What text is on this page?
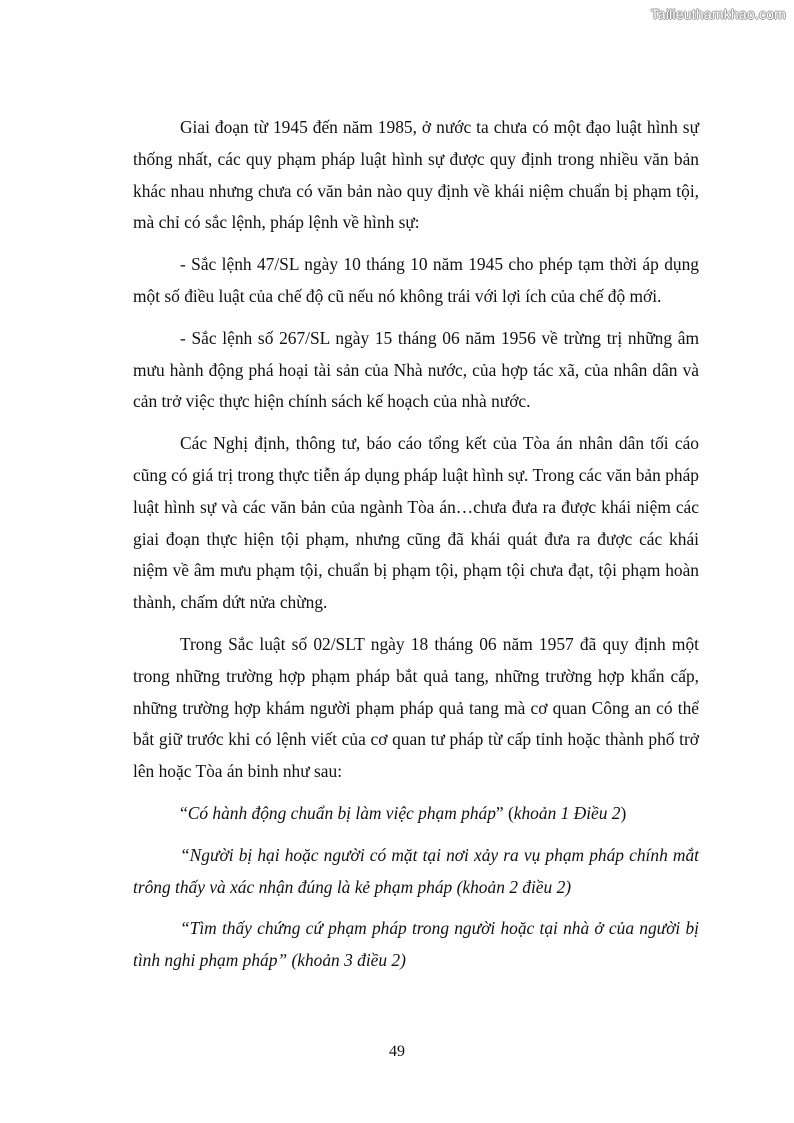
Tailieuthamkhao.com

Giai đoạn từ 1945 đến năm 1985, ở nước ta chưa có một đạo luật hình sự thống nhất, các quy phạm pháp luật hình sự được quy định trong nhiều văn bản khác nhau nhưng chưa có văn bản nào quy định về khái niệm chuẩn bị phạm tội, mà chỉ có sắc lệnh, pháp lệnh về hình sự:

- Sắc lệnh 47/SL ngày 10 tháng 10 năm 1945 cho phép tạm thời áp dụng một số điều luật của chế độ cũ nếu nó không trái với lợi ích của chế độ mới.

- Sắc lệnh số 267/SL ngày 15 tháng 06 năm 1956 về trừng trị những âm mưu hành động phá hoại tài sản của Nhà nước, của hợp tác xã, của nhân dân và cản trở việc thực hiện chính sách kế hoạch của nhà nước.

Các Nghị định, thông tư, báo cáo tổng kết của Tòa án nhân dân tối cáo cũng có giá trị trong thực tiễn áp dụng pháp luật hình sự. Trong các văn bản pháp luật hình sự và các văn bản của ngành Tòa án…chưa đưa ra được khái niệm các giai đoạn thực hiện tội phạm, nhưng cũng đã khái quát đưa ra được các khái niệm về âm mưu phạm tội, chuẩn bị phạm tội, phạm tội chưa đạt, tội phạm hoàn thành, chấm dứt nửa chừng.

Trong Sắc luật số 02/SLT ngày 18 tháng 06 năm 1957 đã quy định một trong những trường hợp phạm pháp bắt quả tang, những trường hợp khẩn cấp, những trường hợp khám người phạm pháp quả tang mà cơ quan Công an có thể bắt giữ trước khi có lệnh viết của cơ quan tư pháp từ cấp tỉnh hoặc thành phố trở lên hoặc Tòa án binh như sau:

“Có hành động chuẩn bị làm việc phạm pháp” (khoản 1 Điều 2)

“Người bị hại hoặc người có mặt tại nơi xảy ra vụ phạm pháp chính mắt trông thấy và xác nhận đúng là kẻ phạm pháp (khoản 2 điều 2)

“Tìm thấy chứng cứ phạm pháp trong người hoặc tại nhà ở của người bị tình nghi phạm pháp” (khoản 3 điều 2)

49
